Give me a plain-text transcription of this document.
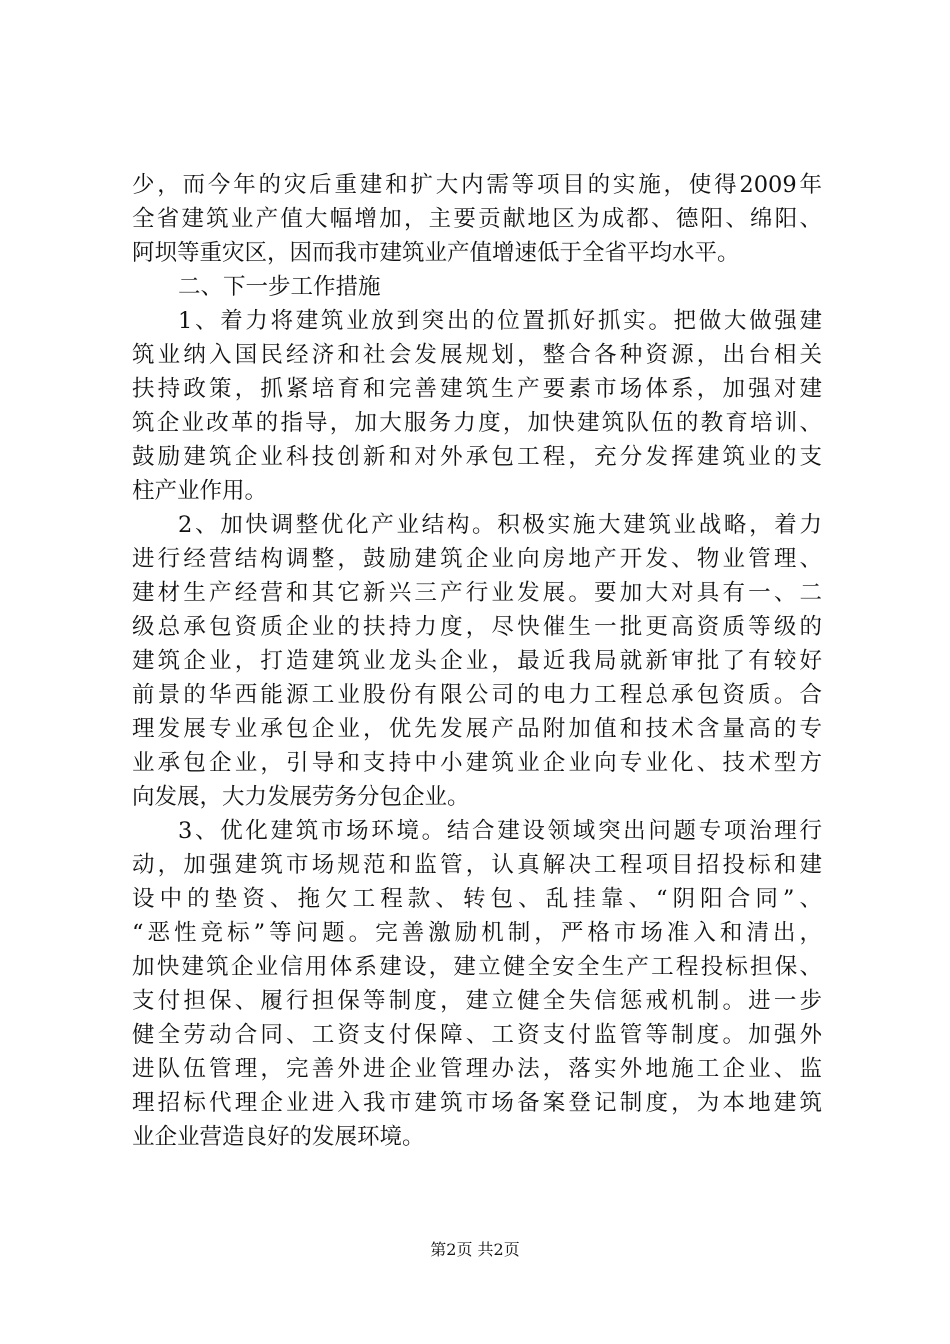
少，而今年的灾后重建和扩大内需等项目的实施，使得2009年
全省建筑业产值大幅增加，主要贡献地区为成都、德阳、绵阳、
阿坝等重灾区，因而我市建筑业产值增速低于全省平均水平。
二、下一步工作措施
1、着力将建筑业放到突出的位置抓好抓实。把做大做强建
筑业纳入国民经济和社会发展规划，整合各种资源，出台相关
扶持政策，抓紧培育和完善建筑生产要素市场体系，加强对建
筑企业改革的指导，加大服务力度，加快建筑队伍的教育培训、
鼓励建筑企业科技创新和对外承包工程，充分发挥建筑业的支
柱产业作用。
2、加快调整优化产业结构。积极实施大建筑业战略，着力
进行经营结构调整，鼓励建筑企业向房地产开发、物业管理、
建材生产经营和其它新兴三产行业发展。要加大对具有一、二
级总承包资质企业的扶持力度，尽快催生一批更高资质等级的
建筑企业，打造建筑业龙头企业，最近我局就新审批了有较好
前景的华西能源工业股份有限公司的电力工程总承包资质。合
理发展专业承包企业，优先发展产品附加值和技术含量高的专
业承包企业，引导和支持中小建筑业企业向专业化、技术型方
向发展，大力发展劳务分包企业。
3、优化建筑市场环境。结合建设领域突出问题专项治理行
动，加强建筑市场规范和监管，认真解决工程项目招投标和建
设中的垫资、拖欠工程款、转包、乱挂靠、“阴阳合同”、
“恶性竞标”等问题。完善激励机制，严格市场准入和清出，
加快建筑企业信用体系建设，建立健全安全生产工程投标担保、
支付担保、履行担保等制度，建立健全失信惩戒机制。进一步
健全劳动合同、工资支付保障、工资支付监管等制度。加强外
进队伍管理，完善外进企业管理办法，落实外地施工企业、监
理招标代理企业进入我市建筑市场备案登记制度，为本地建筑
业企业营造良好的发展环境。
第2页 共2页
